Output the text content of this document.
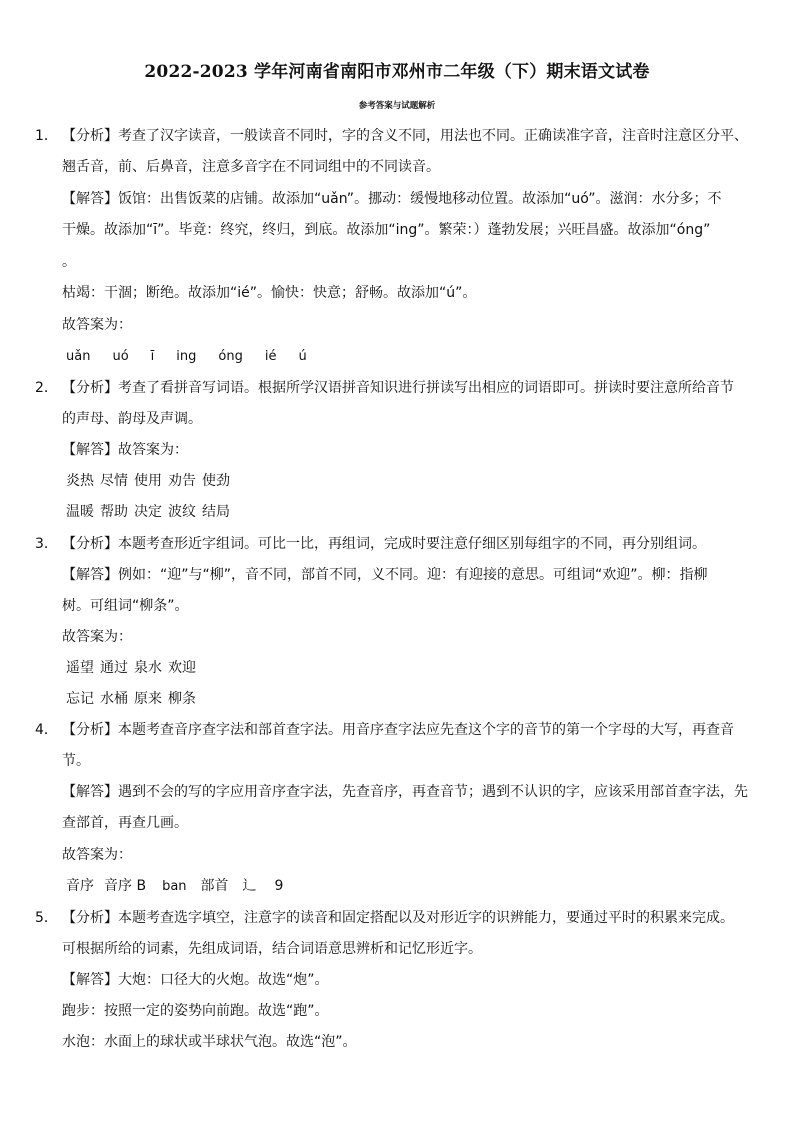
2022-2023 学年河南省南阳市邓州市二年级（下）期末语文试卷
参考答案与试题解析
1． 【分析】考查了汉字读音，一般读音不同时，字的含义不同，用法也不同。正确读准字音，注音时注意区分平、
翘舌音，前、后鼻音，注意多音字在不同词组中的不同读音。
【解答】饭馆：出售饭菜的店铺。故添加“uǎn”。挪动：缓慢地移动位置。故添加“uó”。滋润：水分多；不
干燥。故添加“ī”。毕竟：终究，终归，到底。故添加“ing”。繁荣：）蓬勃发展；兴旺昌盛。故添加“óng”
。
枯竭：干涸；断绝。故添加“ié”。愉快：快意；舒畅。故添加“ú”。
故答案为：
uǎn uó ī ing óng ié ú
2． 【分析】考查了看拼音写词语。根据所学汉语拼音知识进行拼读写出相应的词语即可。拼读时要注意所给音节
的声母、韵母及声调。
【解答】故答案为：
炎热 尽情 使用 劝告 使劲
温暖 帮助 决定 波纹 结局
3． 【分析】本题考查形近字组词。可比一比，再组词，完成时要注意仔细区别每组字的不同，再分别组词。
【解答】例如：“迎”与“柳”，音不同，部首不同，义不同。迎：有迎接的意思。可组词“欢迎”。柳：指柳
树。可组词“柳条”。
故答案为：
遥望 通过 泉水 欢迎
忘记 水桶 原来 柳条
4． 【分析】本题考查音序查字法和部首查字法。用音序查字法应先查这个字的音节的第一个字母的大写，再查音
节。
【解答】遇到不会的写的字应用音序查字法，先查音序，再查音节；遇到不认识的字，应该采用部首查字法，先
查部首，再查几画。
故答案为：
音序 音序 B ban 部首 辶 9
5． 【分析】本题考查选字填空，注意字的读音和固定搭配以及对形近字的识辨能力，要通过平时的积累来完成。
可根据所给的词素，先组成词语，结合词语意思辨析和记忆形近字。
【解答】大炮：口径大的火炮。故选“炮”。
跑步：按照一定的姿势向前跑。故选“跑”。
水泡：水面上的球状或半球状气泡。故选“泡”。
